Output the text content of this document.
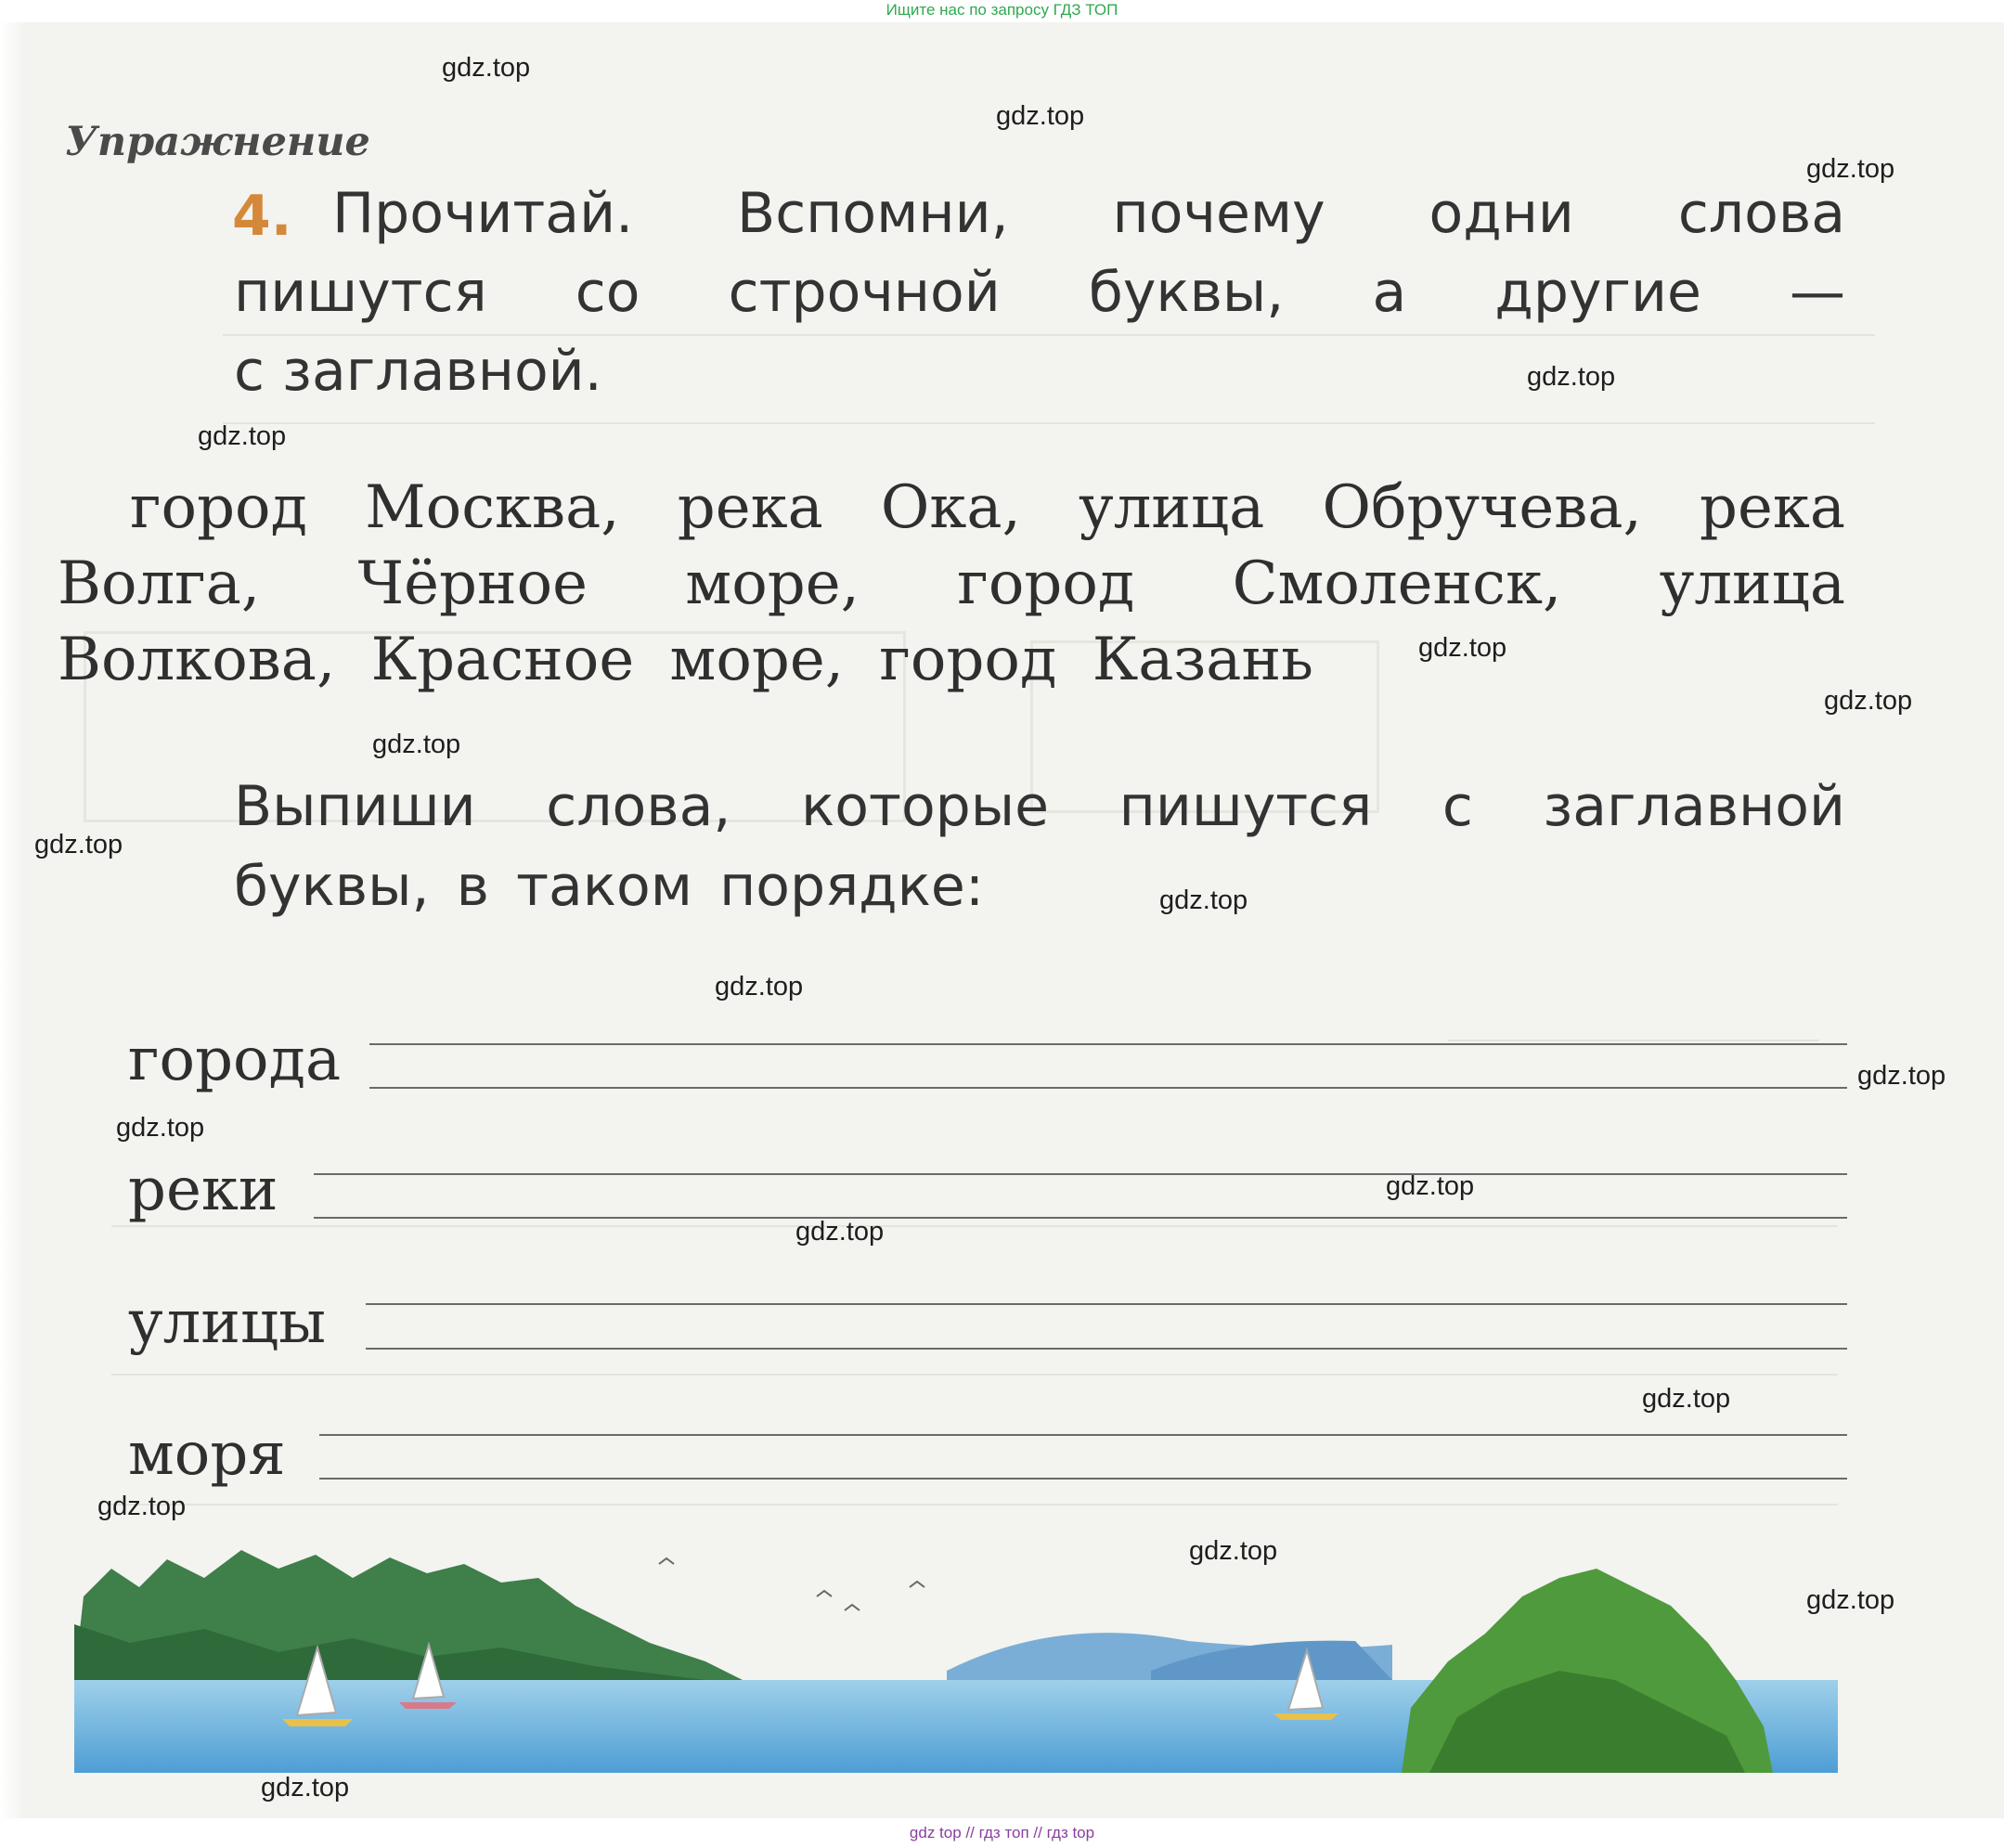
Ищите нас по запросу ГДЗ ТОП
Упражнение
4. Прочитай. Вспомни, почему одни слова
пишутся со строчной буквы, а другие —
с заглавной.
город Москва, река Ока, улица Обручева, река
Волга, Чёрное море, город Смоленск, улица
Волкова, Красное море, город Казань
Выпиши слова, которые пишутся с заглавной
буквы, в таком порядке:
города
реки
улицы
моря
gdz.top
gdz.top
gdz.top
gdz.top
gdz.top
gdz.top
gdz.top
gdz.top
gdz.top
gdz.top
gdz.top
gdz.top
gdz.top
gdz.top
gdz.top
gdz.top
gdz.top
gdz.top
gdz.top
gdz.top
gdz top // гдз топ // гдз top
